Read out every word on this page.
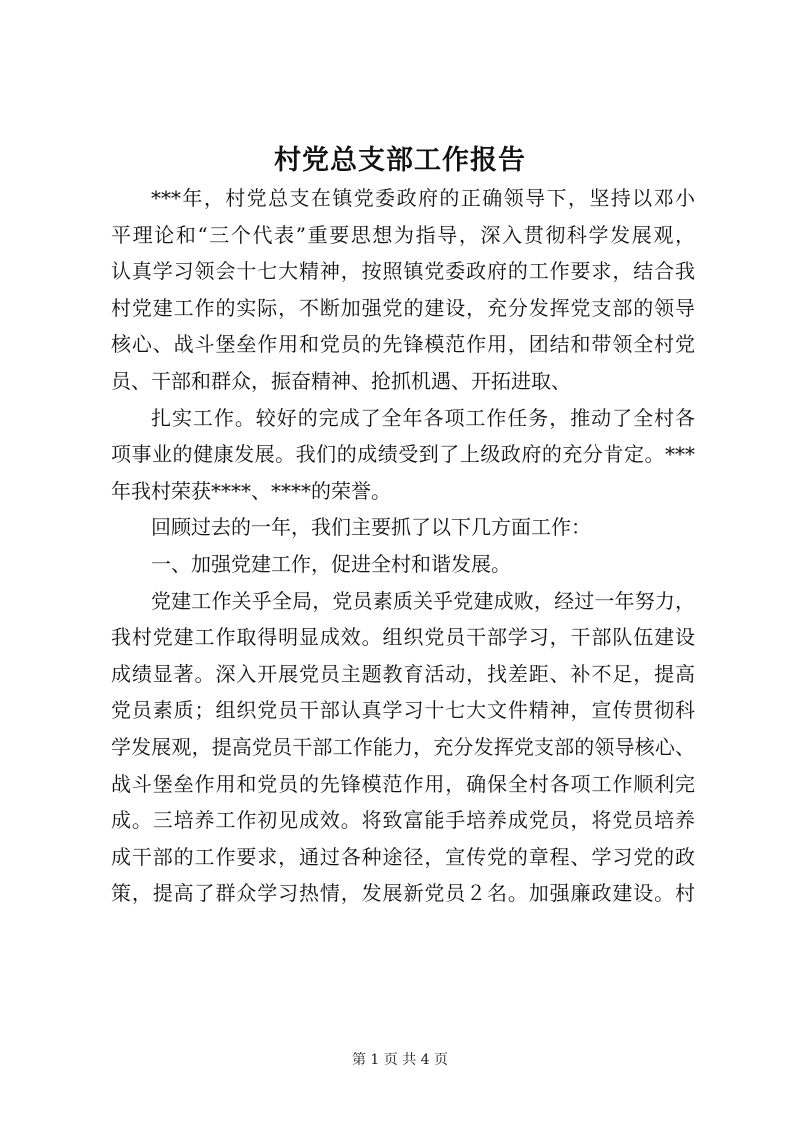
村党总支部工作报告
***年，村党总支在镇党委政府的正确领导下，坚持以邓小
平理论和“三个代表”重要思想为指导，深入贯彻科学发展观，
认真学习领会十七大精神，按照镇党委政府的工作要求，结合我
村党建工作的实际，不断加强党的建设，充分发挥党支部的领导
核心、战斗堡垒作用和党员的先锋模范作用，团结和带领全村党
员、干部和群众，振奋精神、抢抓机遇、开拓进取、
扎实工作。较好的完成了全年各项工作任务，推动了全村各
项事业的健康发展。我们的成绩受到了上级政府的充分肯定。***
年我村荣获****、****的荣誉。
回顾过去的一年，我们主要抓了以下几方面工作：
一、加强党建工作，促进全村和谐发展。
党建工作关乎全局，党员素质关乎党建成败，经过一年努力，
我村党建工作取得明显成效。组织党员干部学习，干部队伍建设
成绩显著。深入开展党员主题教育活动，找差距、补不足，提高
党员素质；组织党员干部认真学习十七大文件精神，宣传贯彻科
学发展观，提高党员干部工作能力，充分发挥党支部的领导核心、
战斗堡垒作用和党员的先锋模范作用，确保全村各项工作顺利完
成。三培养工作初见成效。将致富能手培养成党员，将党员培养
成干部的工作要求，通过各种途径，宣传党的章程、学习党的政
策，提高了群众学习热情，发展新党员２名。加强廉政建设。村
第 1 页 共 4 页
